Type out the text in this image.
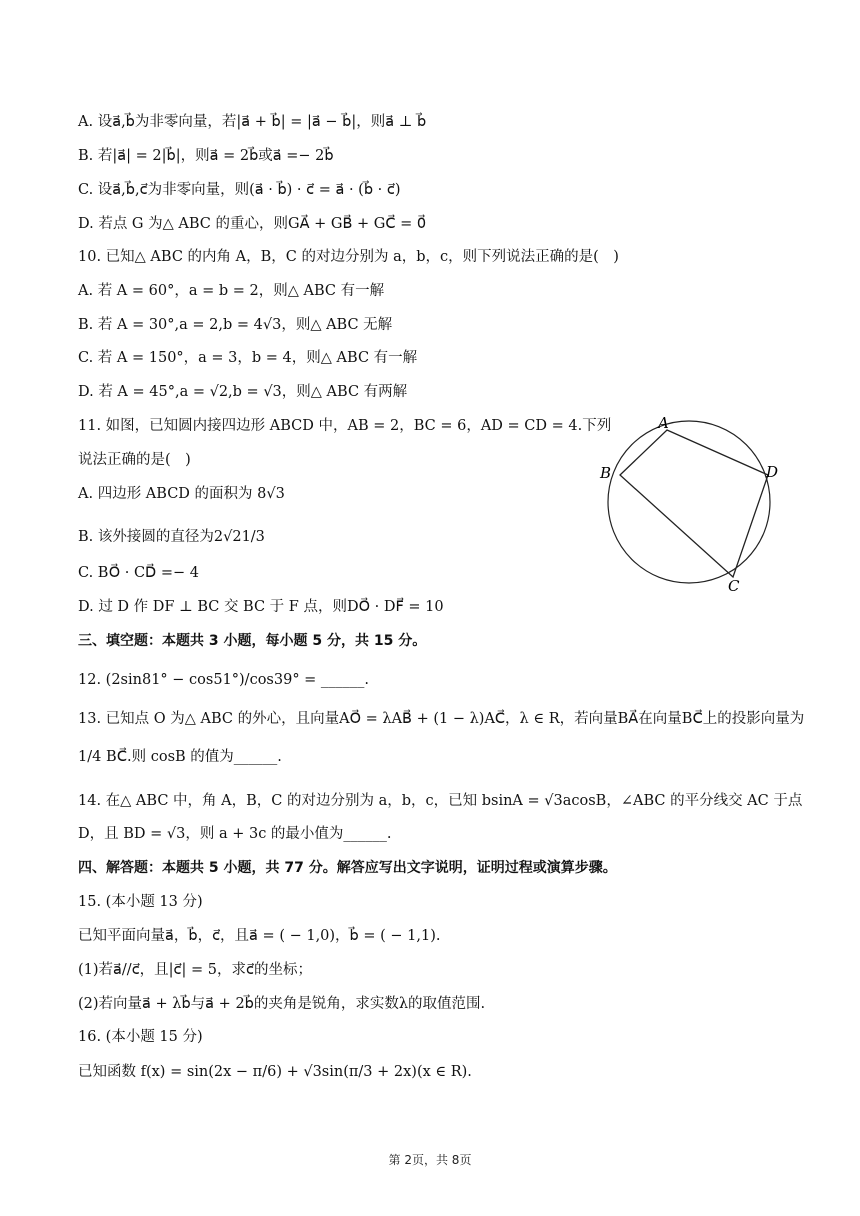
A. 设a⃗,b⃗为非零向量，若|a⃗ + b⃗| = |a⃗ − b⃗|，则a⃗ ⊥ b⃗
B. 若|a⃗| = 2|b⃗|，则a⃗ = 2b⃗或a⃗ =− 2b⃗
C. 设a⃗,b⃗,c⃗为非零向量，则(a⃗ · b⃗) · c⃗ = a⃗ · (b⃗ · c⃗)
D. 若点 G 为△ ABC 的重心，则GA⃗ + GB⃗ + GC⃗ = 0⃗
10. 已知△ ABC 的内角 A，B，C 的对边分别为 a，b，c，则下列说法正确的是(　)
A. 若 A = 60°，a = b = 2，则△ ABC 有一解
B. 若 A = 30°,a = 2,b = 4√3，则△ ABC 无解
C. 若 A = 150°，a = 3，b = 4，则△ ABC 有一解
D. 若 A = 45°,a = √2,b = √3，则△ ABC 有两解
11. 如图，已知圆内接四边形 ABCD 中，AB = 2，BC = 6，AD = CD = 4.下列
说法正确的是(　)
A. 四边形 ABCD 的面积为 8√3
B. 该外接圆的直径为2√21/3
C. BO⃗ · CD⃗ =− 4
D. 过 D 作 DF ⊥ BC 交 BC 于 F 点，则DO⃗ · DF⃗ = 10
三、填空题：本题共 3 小题，每小题 5 分，共 15 分。
12. (2sin81° − cos51°)/cos39° = ______.
13. 已知点 O 为△ ABC 的外心，且向量AO⃗ = λAB⃗ + (1 − λ)AC⃗，λ ∈ R，若向量BA⃗在向量BC⃗上的投影向量为
1/4 BC⃗.则 cosB 的值为______.
14. 在△ ABC 中，角 A，B，C 的对边分别为 a，b，c，已知 bsinA = √3acosB，∠ABC 的平分线交 AC 于点
D，且 BD = √3，则 a + 3c 的最小值为______.
四、解答题：本题共 5 小题，共 77 分。解答应写出文字说明，证明过程或演算步骤。
15. (本小题 13 分)
已知平面向量a⃗，b⃗，c⃗，且a⃗ = ( − 1,0)，b⃗ = ( − 1,1).
(1)若a⃗//c⃗，且|c⃗| = 5，求c⃗的坐标；
(2)若向量a⃗ + λb⃗与a⃗ + 2b⃗的夹角是锐角，求实数λ的取值范围.
16. (本小题 15 分)
已知函数 f(x) = sin(2x − π/6) + √3sin(π/3 + 2x)(x ∈ R).
A
B
C
D
第 2页，共 8页
